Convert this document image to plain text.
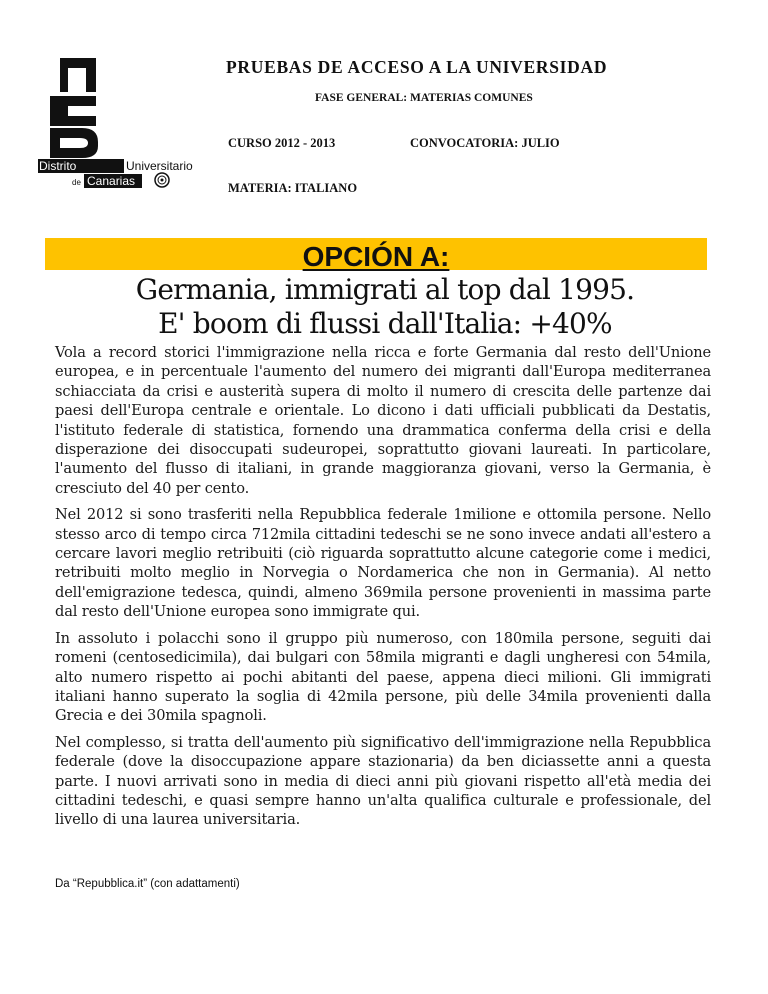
Distrito	Universitario
de Canarias
PRUEBAS DE ACCESO A LA UNIVERSIDAD
FASE GENERAL: MATERIAS COMUNES
CURSO 2012 - 2013	CONVOCATORIA: JULIO
MATERIA: ITALIANO
OPCIÓN A:
Germania, immigrati al top dal 1995.
E' boom di flussi dall'Italia: +40%

Vola a record storici l'immigrazione nella ricca e forte Germania dal resto dell'Unione europea, e in percentuale l'aumento del numero dei migranti dall'Europa mediterranea schiacciata da crisi e austerità supera di molto il numero di crescita delle partenze dai paesi dell'Europa centrale e orientale. Lo dicono i dati ufficiali pubblicati da Destatis, l'istituto federale di statistica, fornendo una drammatica conferma della crisi e della disperazione dei disoccupati sudeuropei, soprattutto giovani laureati. In particolare, l'aumento del flusso di italiani, in grande maggioranza giovani, verso la Germania, è cresciuto del 40 per cento.

Nel 2012 si sono trasferiti nella Repubblica federale 1milione e ottomila persone. Nello stesso arco di tempo circa 712mila cittadini tedeschi se ne sono invece andati all'estero a cercare lavori meglio retribuiti (ciò riguarda soprattutto alcune categorie come i medici, retribuiti molto meglio in Norvegia o Nordamerica che non in Germania). Al netto dell'emigrazione tedesca, quindi, almeno 369mila persone provenienti in massima parte dal resto dell'Unione europea sono immigrate qui.

In assoluto i polacchi sono il gruppo più numeroso, con 180mila persone, seguiti dai romeni (centosedicimila), dai bulgari con 58mila migranti e dagli ungheresi con 54mila, alto numero rispetto ai pochi abitanti del paese, appena dieci milioni. Gli immigrati italiani hanno superato la soglia di 42mila persone, più delle 34mila provenienti dalla Grecia e dei 30mila spagnoli.

Nel complesso, si tratta dell'aumento più significativo dell'immigrazione nella Repubblica federale (dove la disoccupazione appare stazionaria) da ben diciassette anni a questa parte. I nuovi arrivati sono in media di dieci anni più giovani rispetto all'età media dei cittadini tedeschi, e quasi sempre hanno un'alta qualifica culturale e professionale, del livello di una laurea universitaria.

Da “Repubblica.it” (con adattamenti)
